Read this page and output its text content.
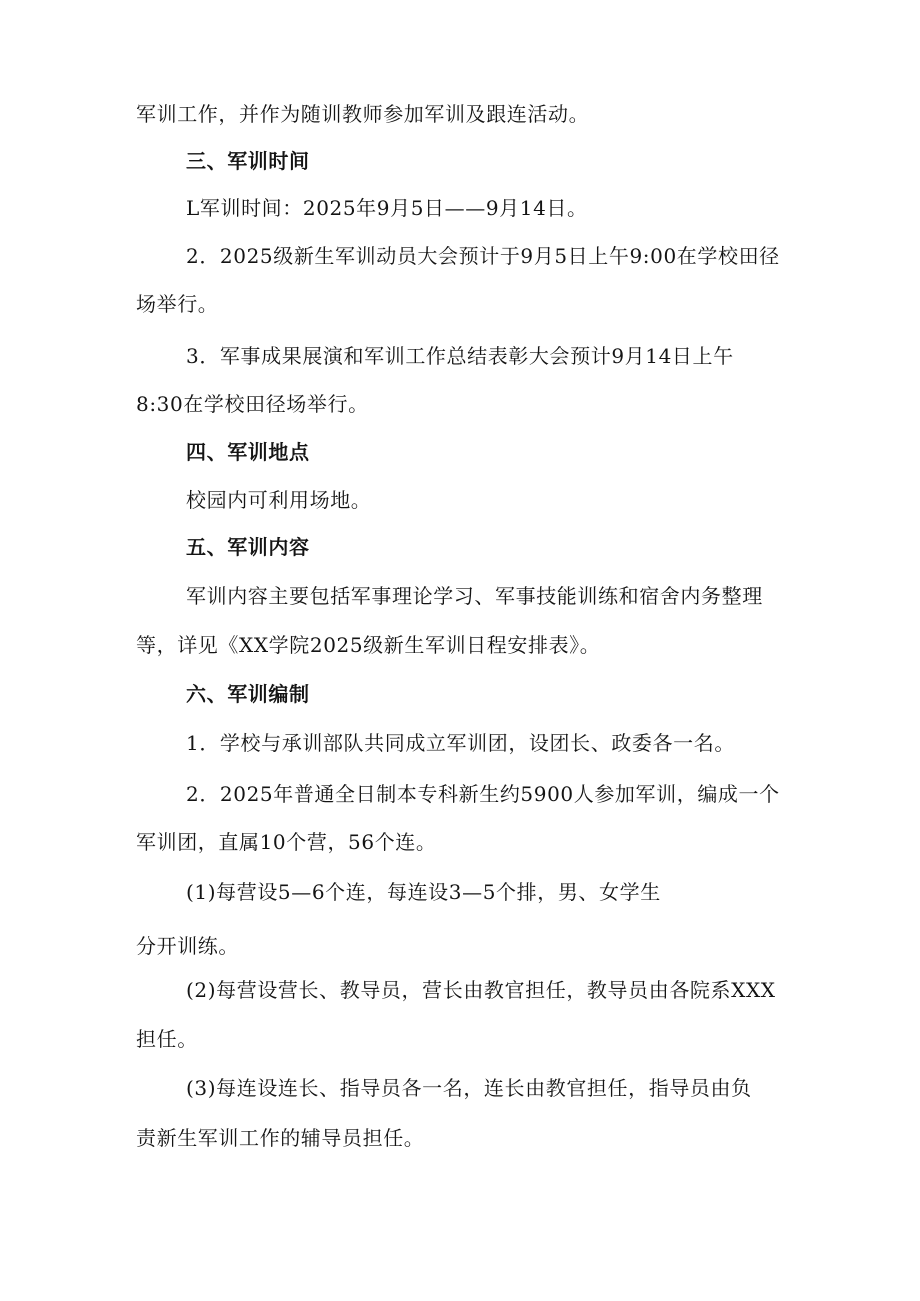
军训工作，并作为随训教师参加军训及跟连活动。
三、军训时间
L军训时间：2025年9月5日——9月14日。
2．2025级新生军训动员大会预计于9月5日上午9:00在学校田径
场举行。
3．军事成果展演和军训工作总结表彰大会预计9月14日上午
8:30在学校田径场举行。
四、军训地点
校园内可利用场地。
五、军训内容
军训内容主要包括军事理论学习、军事技能训练和宿舍内务整理
等，详见《XX学院2025级新生军训日程安排表》。
六、军训编制
1．学校与承训部队共同成立军训团，设团长、政委各一名。
2．2025年普通全日制本专科新生约5900人参加军训，编成一个
军训团，直属10个营，56个连。
(1)每营设5—6个连，每连设3—5个排，男、女学生
分开训练。
(2)每营设营长、教导员，营长由教官担任，教导员由各院系XXX
担任。
(3)每连设连长、指导员各一名，连长由教官担任，指导员由负
责新生军训工作的辅导员担任。
